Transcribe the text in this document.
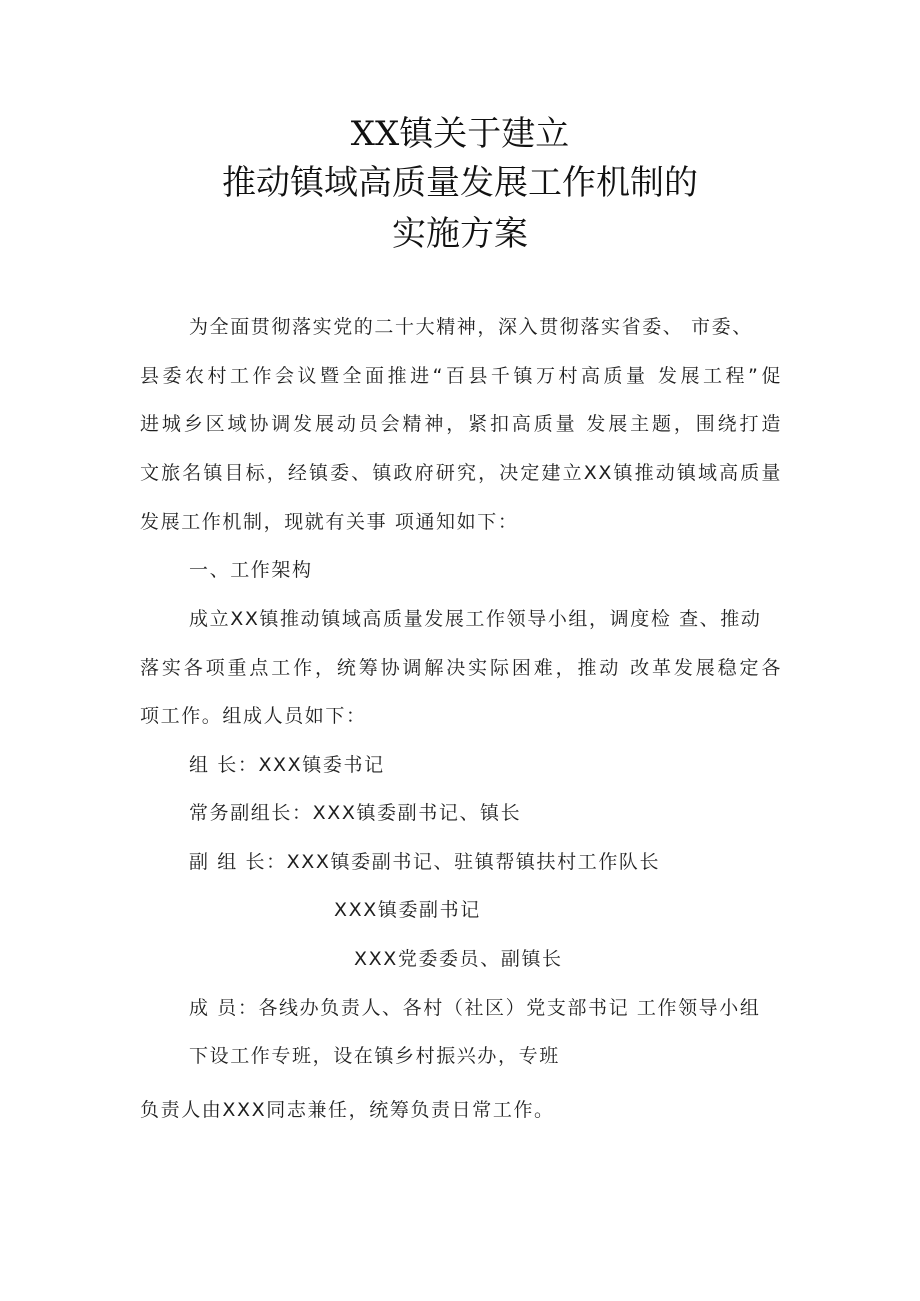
XX镇关于建立
推动镇域高质量发展工作机制的
实施方案
为全面贯彻落实党的二十大精神，深入贯彻落实省委、 市委、
县委农村工作会议暨全面推进“百县千镇万村高质量 发展工程”促
进城乡区域协调发展动员会精神，紧扣高质量 发展主题，围绕打造
文旅名镇目标，经镇委、镇政府研究，决定建立XX镇推动镇域高质量
发展工作机制，现就有关事 项通知如下：
一、工作架构
成立XX镇推动镇域高质量发展工作领导小组，调度检 查、推动
落实各项重点工作，统筹协调解决实际困难，推动 改革发展稳定各
项工作。组成人员如下：
组 长：XXX镇委书记
常务副组长：XXX镇委副书记、镇长
副 组 长：XXX镇委副书记、驻镇帮镇扶村工作队长
XXX镇委副书记
XXX党委委员、副镇长
成 员：各线办负责人、各村（社区）党支部书记 工作领导小组
下设工作专班，设在镇乡村振兴办，专班
负责人由XXX同志兼任，统筹负责日常工作。
